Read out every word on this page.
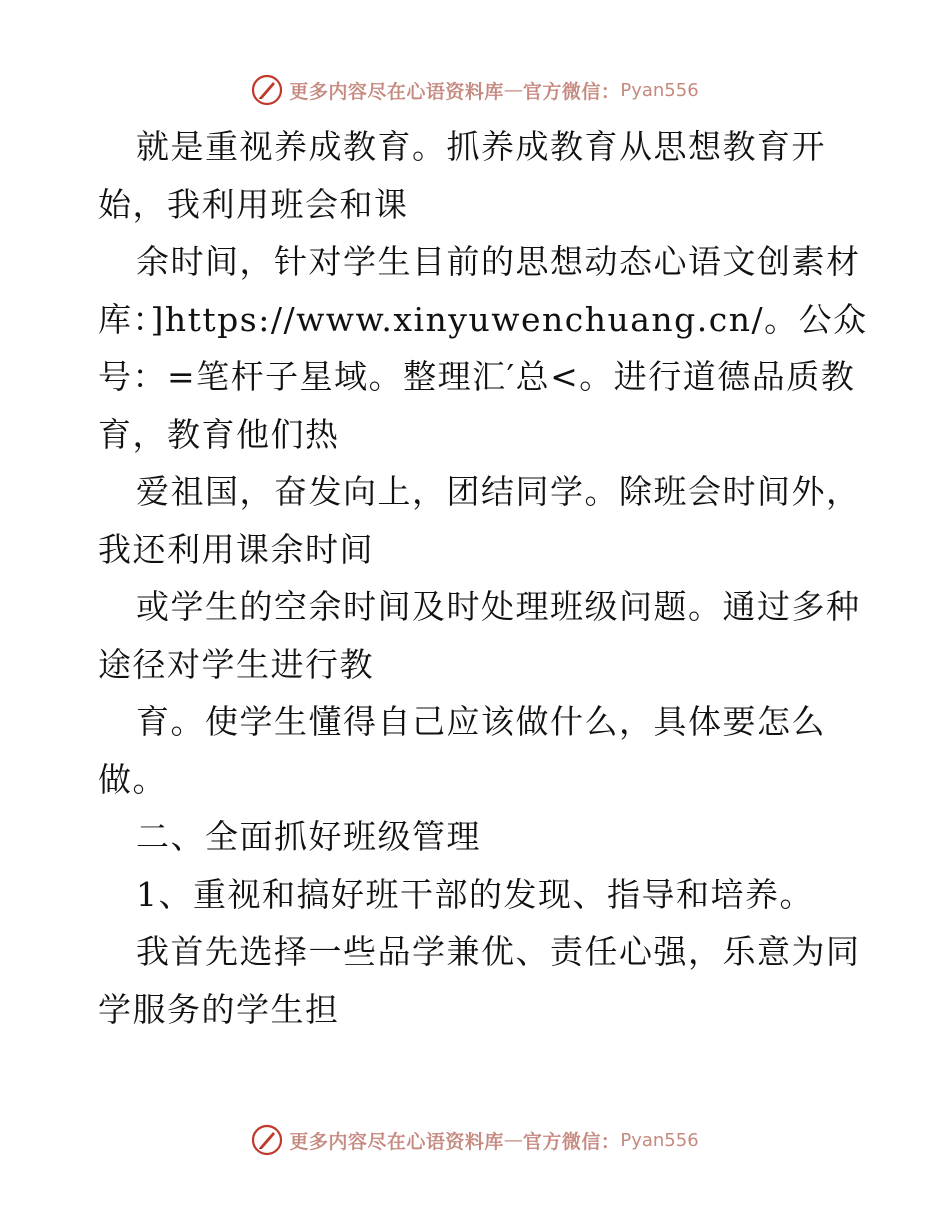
更多内容尽在心语资料库 — 官方微信： Pyan556
就是重视养成教育。抓养成教育从思想教育开
始，我利用班会和课
余时间，针对学生目前的思想动态心语文创素材
库：]https://www.xinyuwenchuang.cn/。公众
号：=笔杆子星域。整理汇′总<。进行道德品质教
育，教育他们热
爱祖国，奋发向上，团结同学。除班会时间外，
我还利用课余时间
或学生的空余时间及时处理班级问题。通过多种
途径对学生进行教
育。使学生懂得自己应该做什么，具体要怎么
做。
二、全面抓好班级管理
1、重视和搞好班干部的发现、指导和培养。
我首先选择一些品学兼优、责任心强，乐意为同
学服务的学生担
更多内容尽在心语资料库 — 官方微信： Pyan556
